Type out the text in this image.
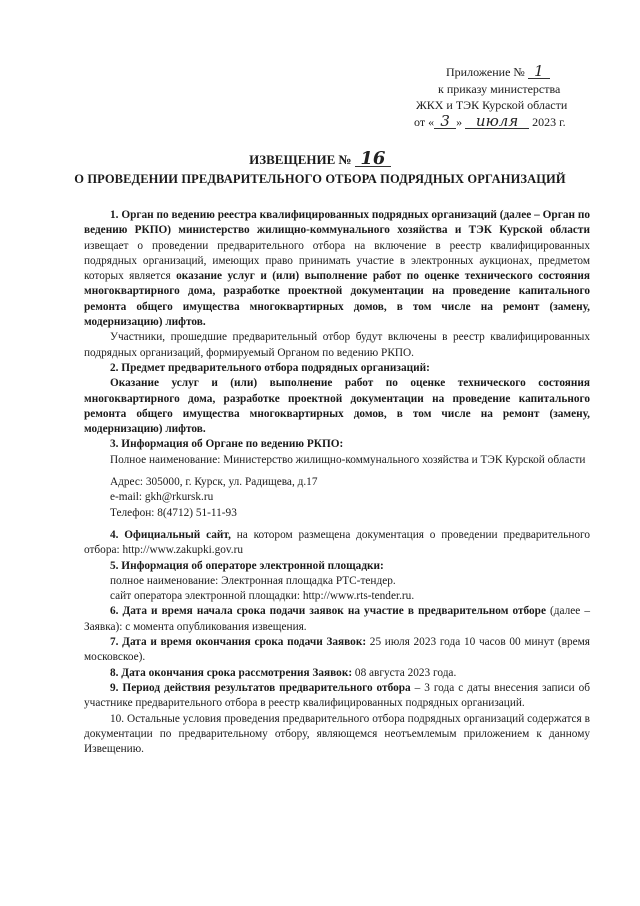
Приложение № 1
к приказу министерства
ЖКХ и ТЭК Курской области
от « 3 » июля 2023 г.
ИЗВЕЩЕНИЕ № 16
О ПРОВЕДЕНИИ ПРЕДВАРИТЕЛЬНОГО ОТБОРА ПОДРЯДНЫХ ОРГАНИЗАЦИЙ

1. Орган по ведению реестра квалифицированных подрядных организаций (далее – Орган по ведению РКПО) министерство жилищно-коммунального хозяйства и ТЭК Курской области извещает о проведении предварительного отбора на включение в реестр квалифицированных подрядных организаций, имеющих право принимать участие в электронных аукционах, предметом которых является оказание услуг и (или) выполнение работ по оценке технического состояния многоквартирного дома, разработке проектной документации на проведение капитального ремонта общего имущества многоквартирных домов, в том числе на ремонт (замену, модернизацию) лифтов.

Участники, прошедшие предварительный отбор будут включены в реестр квалифицированных подрядных организаций, формируемый Органом по ведению РКПО.

2. Предмет предварительного отбора подрядных организаций:

Оказание услуг и (или) выполнение работ по оценке технического состояния многоквартирного дома, разработке проектной документации на проведение капитального ремонта общего имущества многоквартирных домов, в том числе на ремонт (замену, модернизацию) лифтов.

3. Информация об Органе по ведению РКПО:

Полное наименование: Министерство жилищно-коммунального хозяйства и ТЭК Курской области

Адрес: 305000, г. Курск, ул. Радищева, д.17

e-mail: gkh@rkursk.ru

Телефон: 8(4712) 51-11-93

4. Официальный сайт, на котором размещена документация о проведении предварительного отбора: http://www.zakupki.gov.ru

5. Информация об операторе электронной площадки:

полное наименование: Электронная площадка РТС-тендер.

сайт оператора электронной площадки: http://www.rts-tender.ru.

6. Дата и время начала срока подачи заявок на участие в предварительном отборе (далее – Заявка): с момента опубликования извещения.

7. Дата и время окончания срока подачи Заявок: 25 июля 2023 года 10 часов 00 минут (время московское).

8. Дата окончания срока рассмотрения Заявок: 08 августа 2023 года.

9. Период действия результатов предварительного отбора – 3 года с даты внесения записи об участнике предварительного отбора в реестр квалифицированных подрядных организаций.

10. Остальные условия проведения предварительного отбора подрядных организаций содержатся в документации по предварительному отбору, являющемся неотъемлемым приложением к данному Извещению.
